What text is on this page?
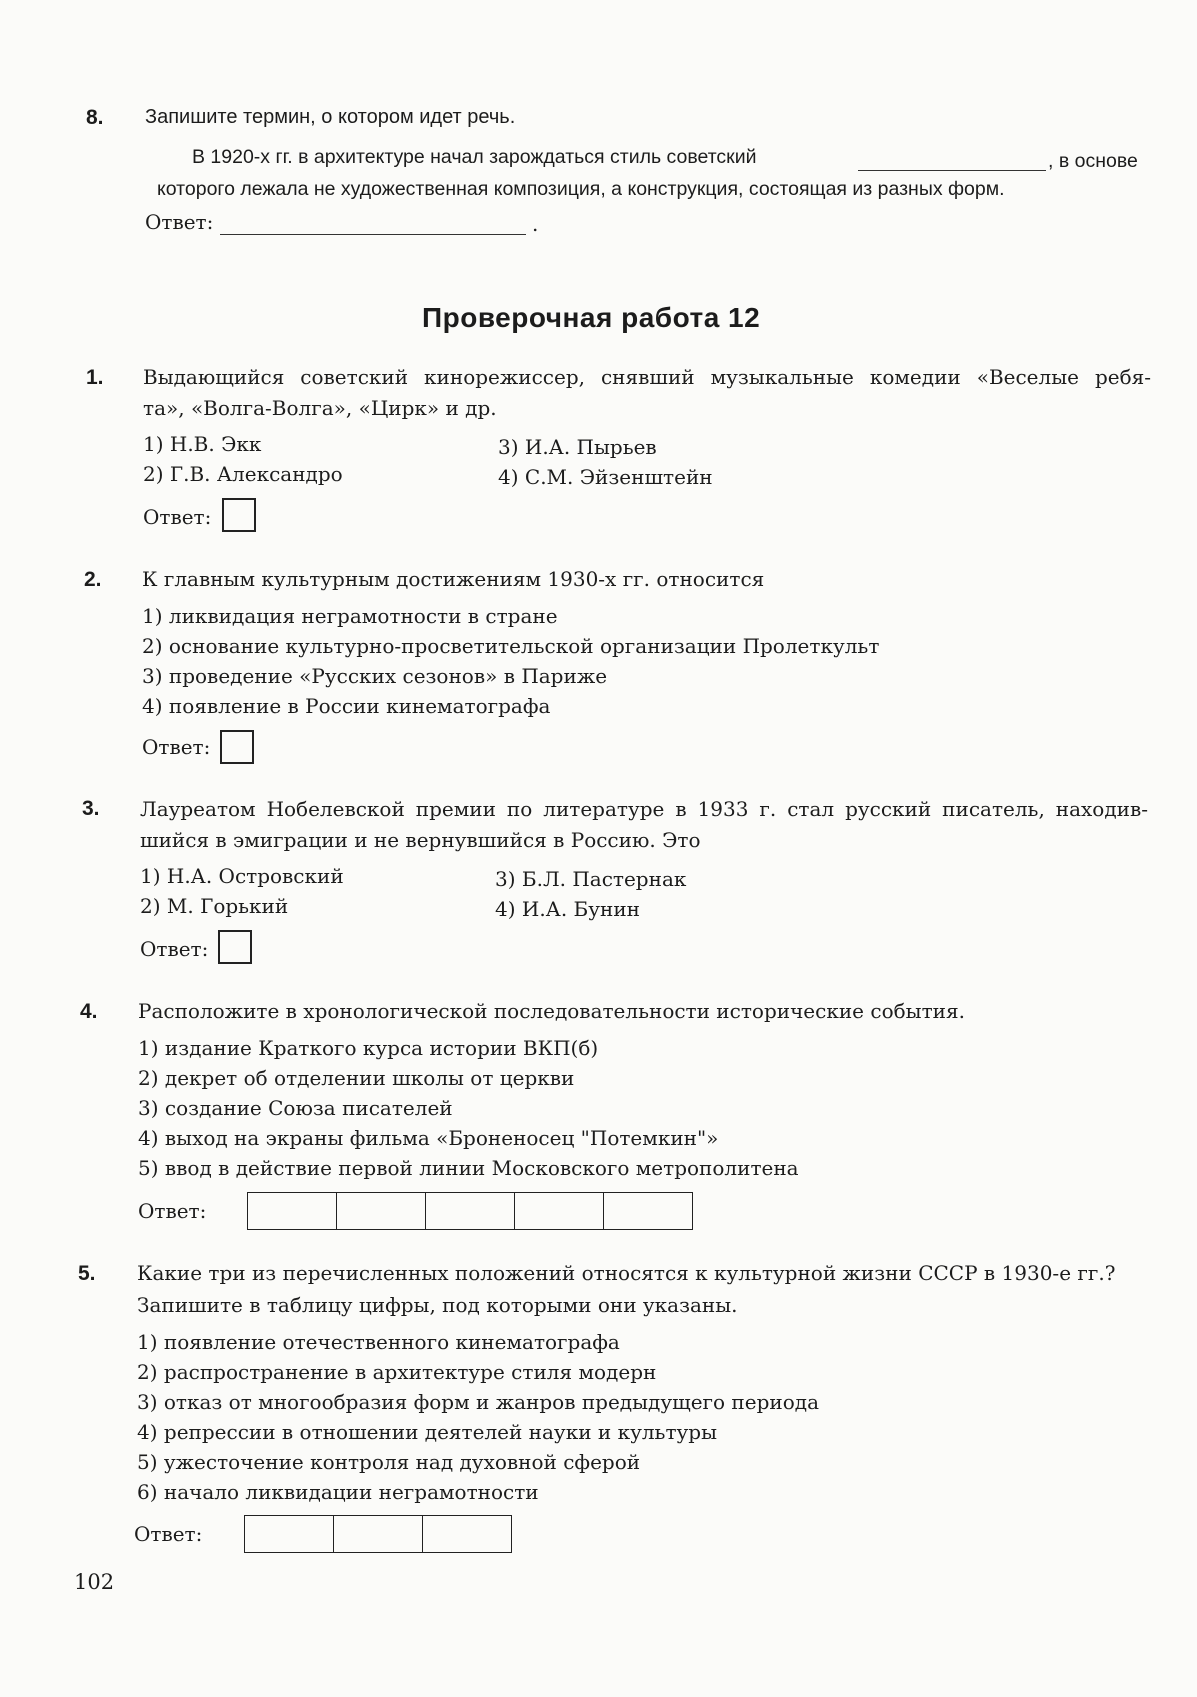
8. Запишите термин, о котором идет речь.
В 1920-х гг. в архитектуре начал зарождаться стиль советский	, в основе
которого лежала не художественная композиция, а конструкция, состоящая из разных форм.
Ответ:	.
Проверочная работа 12
1. Выдающийся советский кинорежиссер, снявший музыкальные комедии «Веселые ребя-
та», «Волга-Волга», «Цирк» и др.
1) Н.В. Экк
2) Г.В. Александро
3) И.А. Пырьев
4) С.М. Эйзенштейн
Ответ:
2. К главным культурным достижениям 1930-х гг. относится
1) ликвидация неграмотности в стране
2) основание культурно-просветительской организации Пролеткульт
3) проведение «Русских сезонов» в Париже
4) появление в России кинематографа
Ответ:
3. Лауреатом Нобелевской премии по литературе в 1933 г. стал русский писатель, находив-
шийся в эмиграции и не вернувшийся в Россию. Это
1) Н.А. Островский
2) М. Горький
3) Б.Л. Пастернак
4) И.А. Бунин
Ответ:
4. Расположите в хронологической последовательности исторические события.
1) издание Краткого курса истории ВКП(б)
2) декрет об отделении школы от церкви
3) создание Союза писателей
4) выход на экраны фильма «Броненосец "Потемкин"»
5) ввод в действие первой линии Московского метрополитена
Ответ:
5. Какие три из перечисленных положений относятся к культурной жизни СССР в 1930-е гг.?
Запишите в таблицу цифры, под которыми они указаны.
1) появление отечественного кинематографа
2) распространение в архитектуре стиля модерн
3) отказ от многообразия форм и жанров предыдущего периода
4) репрессии в отношении деятелей науки и культуры
5) ужесточение контроля над духовной сферой
6) начало ликвидации неграмотности
Ответ:
102
